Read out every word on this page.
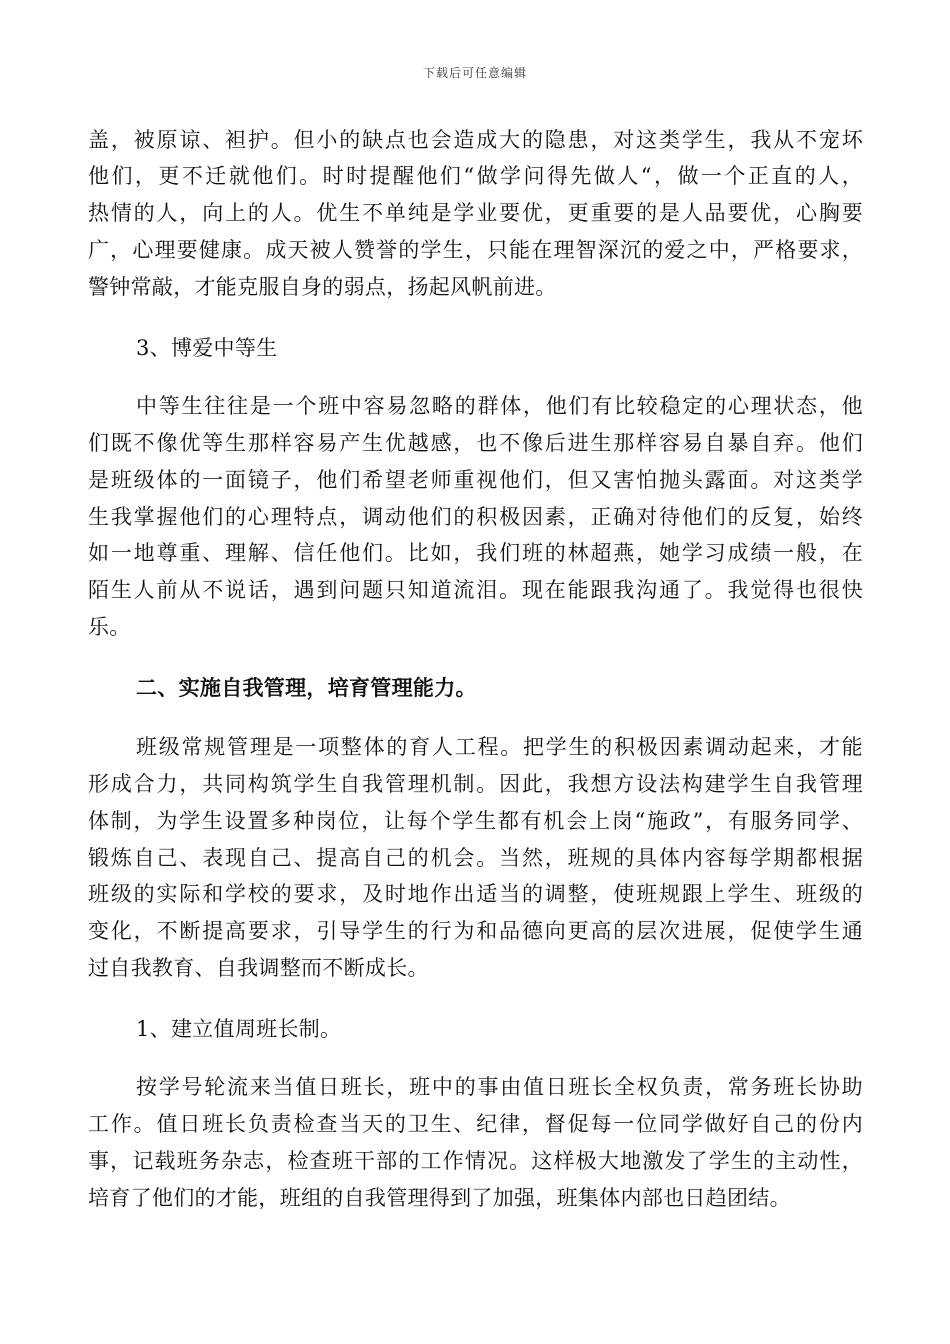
下载后可任意编辑
盖，被原谅、袒护。但小的缺点也会造成大的隐患，对这类学生，我从不宠坏
他们，更不迁就他们。时时提醒他们“做学问得先做人“，做一个正直的人，
热情的人，向上的人。优生不单纯是学业要优，更重要的是人品要优，心胸要
广，心理要健康。成天被人赞誉的学生，只能在理智深沉的爱之中，严格要求，
警钟常敲，才能克服自身的弱点，扬起风帆前进。
3、博爱中等生
中等生往往是一个班中容易忽略的群体，他们有比较稳定的心理状态，他
们既不像优等生那样容易产生优越感，也不像后进生那样容易自暴自弃。他们
是班级体的一面镜子，他们希望老师重视他们，但又害怕抛头露面。对这类学
生我掌握他们的心理特点，调动他们的积极因素，正确对待他们的反复，始终
如一地尊重、理解、信任他们。比如，我们班的林超燕，她学习成绩一般，在
陌生人前从不说话，遇到问题只知道流泪。现在能跟我沟通了。我觉得也很快
乐。
二、实施自我管理，培育管理能力。
班级常规管理是一项整体的育人工程。把学生的积极因素调动起来，才能
形成合力，共同构筑学生自我管理机制。因此，我想方设法构建学生自我管理
体制，为学生设置多种岗位，让每个学生都有机会上岗“施政”，有服务同学、
锻炼自己、表现自己、提高自己的机会。当然，班规的具体内容每学期都根据
班级的实际和学校的要求，及时地作出适当的调整，使班规跟上学生、班级的
变化，不断提高要求，引导学生的行为和品德向更高的层次进展，促使学生通
过自我教育、自我调整而不断成长。
1、建立值周班长制。
按学号轮流来当值日班长，班中的事由值日班长全权负责，常务班长协助
工作。值日班长负责检查当天的卫生、纪律，督促每一位同学做好自己的份内
事，记载班务杂志，检查班干部的工作情况。这样极大地激发了学生的主动性，
培育了他们的才能，班组的自我管理得到了加强，班集体内部也日趋团结。
